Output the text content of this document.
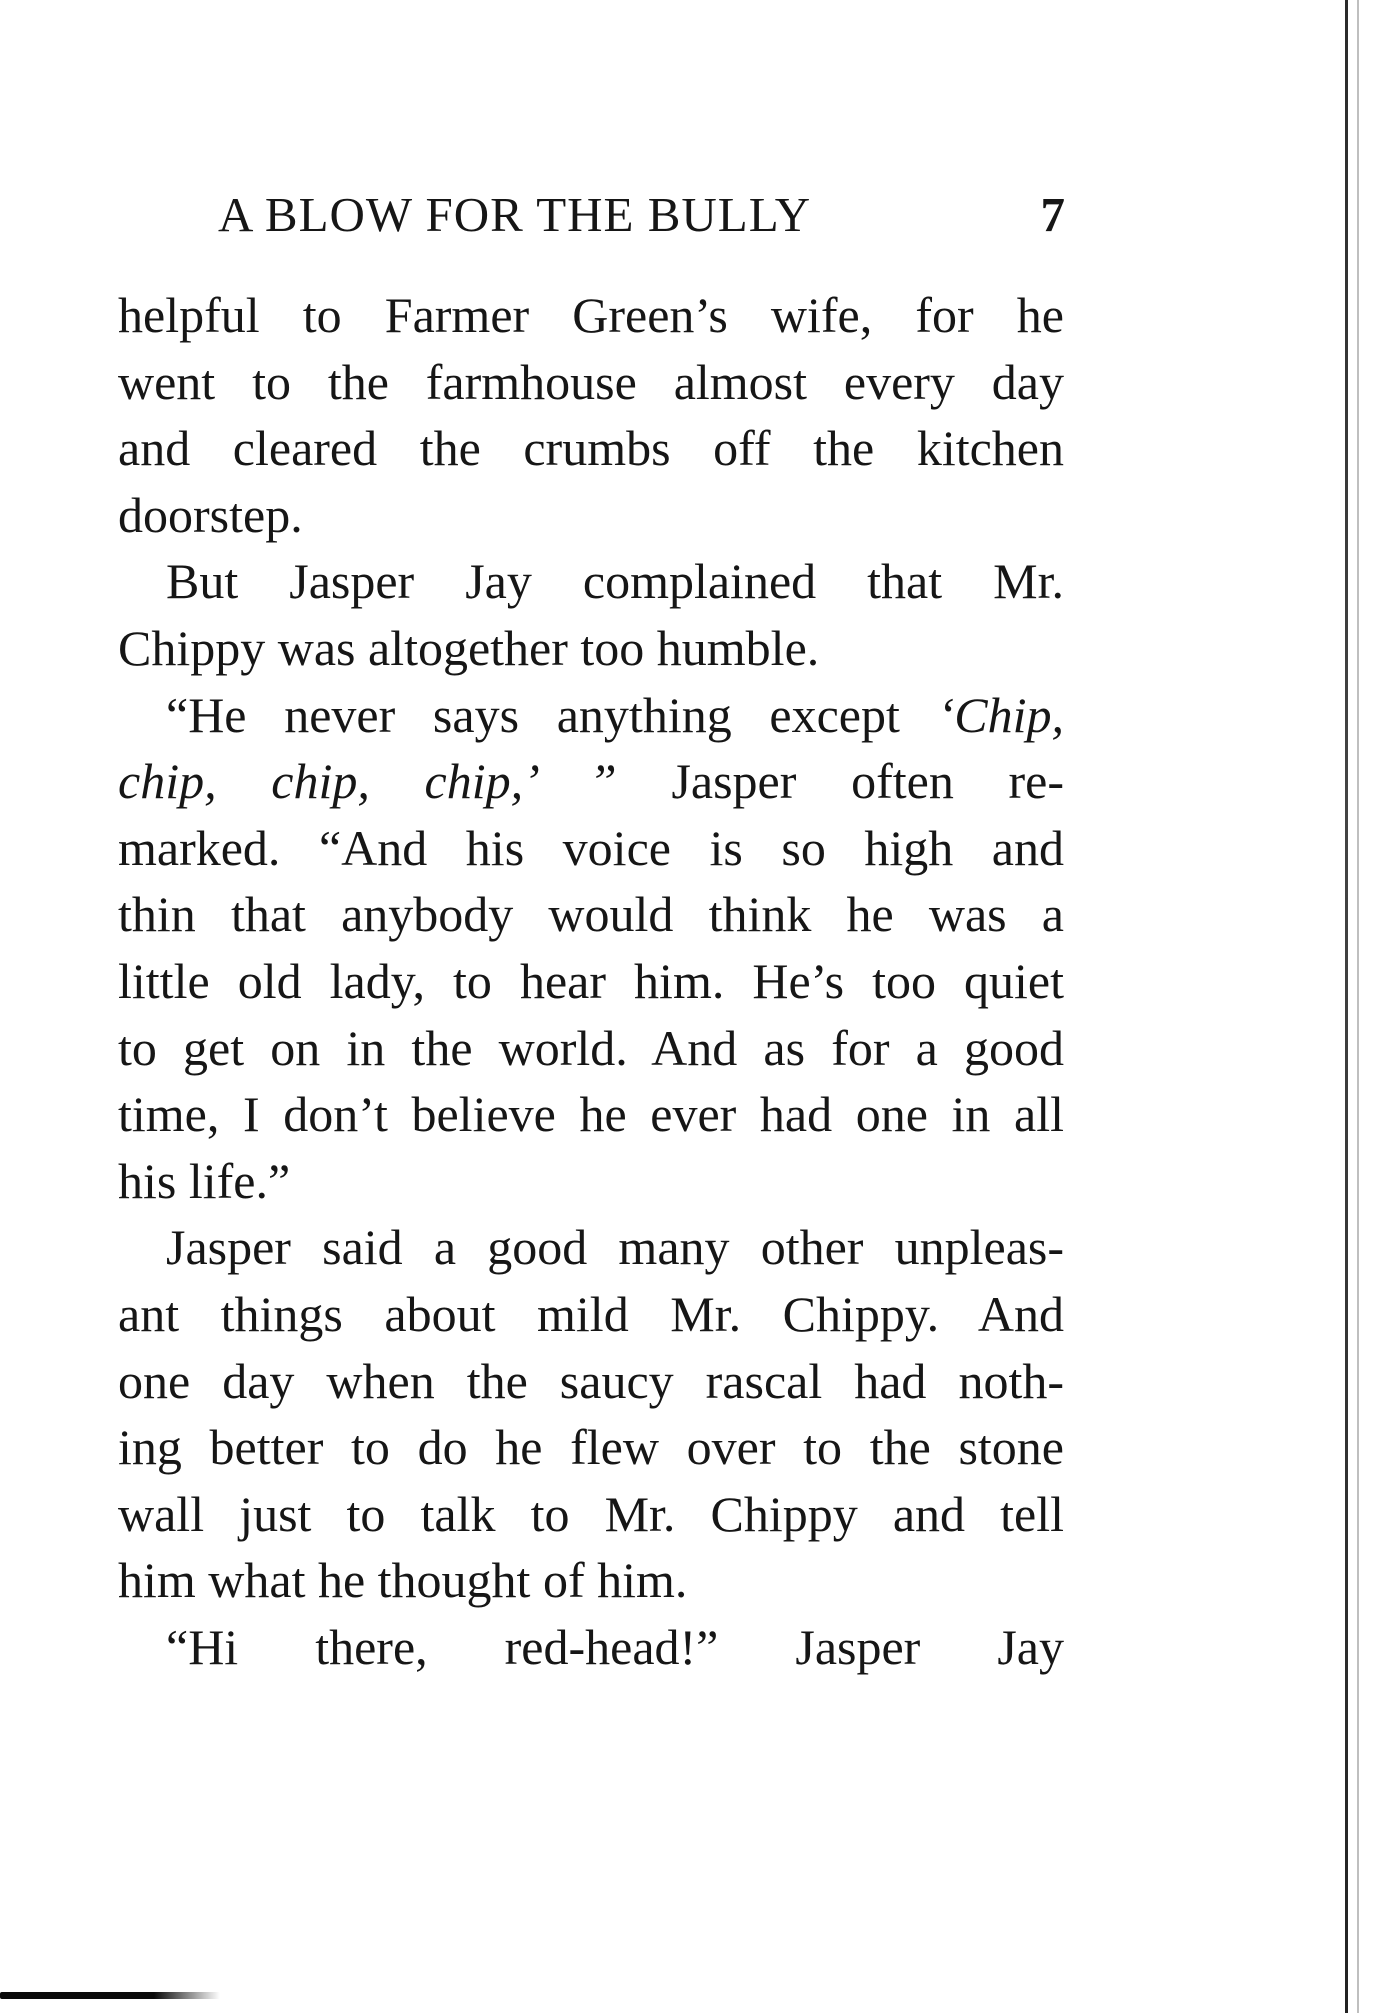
A BLOW FOR THE BULLY	7

helpful to Farmer Green’s wife, for he
went to the farmhouse almost every day
and cleared the crumbs off the kitchen
doorstep.

But Jasper Jay complained that Mr.
Chippy was altogether too humble.

“He never says anything except ‘Chip,
chip, chip, chip,’ ” Jasper often re-
marked. “And his voice is so high and
thin that anybody would think he was a
little old lady, to hear him. He’s too quiet
to get on in the world. And as for a good
time, I don’t believe he ever had one in all
his life.”

Jasper said a good many other unpleas-
ant things about mild Mr. Chippy. And
one day when the saucy rascal had noth-
ing better to do he flew over to the stone
wall just to talk to Mr. Chippy and tell
him what he thought of him.

“Hi there, red-head!” Jasper Jay
